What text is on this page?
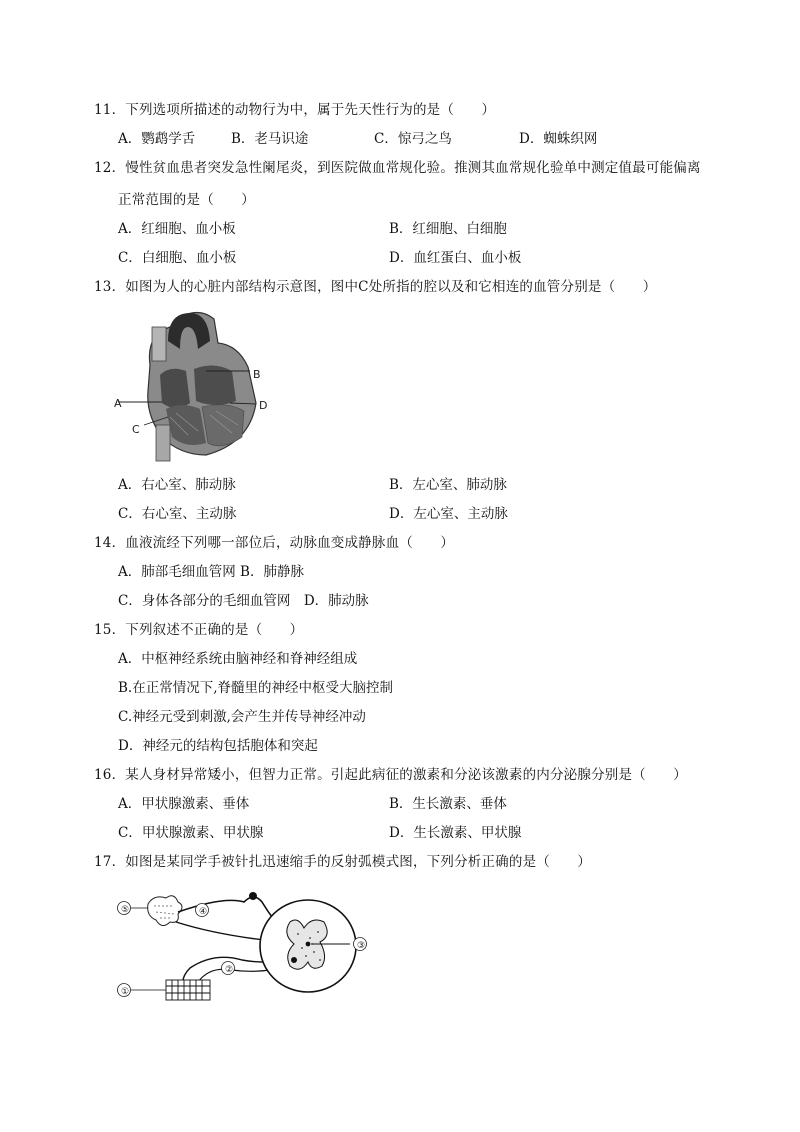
11．下列选项所描述的动物行为中，属于先天性行为的是（　　）
A．鹦鹉学舌	B．老马识途	C．惊弓之鸟	D．蜘蛛织网
12．慢性贫血患者突发急性阑尾炎，到医院做血常规化验。推测其血常规化验单中测定值最可能偏离
正常范围的是（　　）
A．红细胞、血小板	B．红细胞、白细胞
C．白细胞、血小板	D．血红蛋白、血小板
13．如图为人的心脏内部结构示意图，图中C处所指的腔以及和它相连的血管分别是（　　）
A
B
C
D
A．右心室、肺动脉	B．左心室、肺动脉
C．右心室、主动脉	D．左心室、主动脉
14．血液流经下列哪一部位后，动脉血变成静脉血（　　）
A．肺部毛细血管网 B．肺静脉
C．身体各部分的毛细血管网　D．肺动脉
15．下列叙述不正确的是（　　）
A．中枢神经系统由脑神经和脊神经组成
B.在正常情况下,脊髓里的神经中枢受大脑控制
C.神经元受到刺激,会产生并传导神经冲动
D．神经元的结构包括胞体和突起
16．某人身材异常矮小，但智力正常。引起此病征的激素和分泌该激素的内分泌腺分别是（　　）
A．甲状腺激素、垂体	B．生长激素、垂体
C．甲状腺激素、甲状腺	D．生长激素、甲状腺
17．如图是某同学手被针扎迅速缩手的反射弧模式图，下列分析正确的是（　　）
①
②
③
④
⑤
